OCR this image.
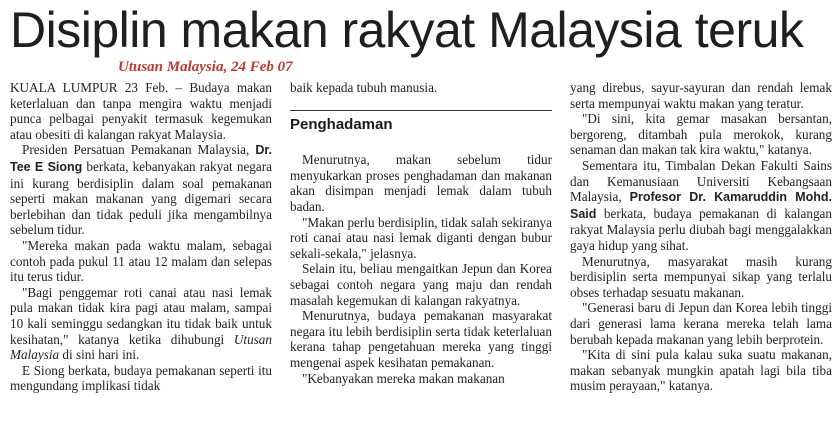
Disiplin makan rakyat Malaysia teruk
Utusan Malaysia, 24 Feb 07

KUALA LUMPUR 23 Feb. – Budaya makan keterlaluan dan tanpa mengira waktu menjadi punca pelbagai penyakit termasuk kegemukan atau obesiti di kalangan rakyat Malaysia.

Presiden Persatuan Pemakanan Malaysia, Dr. Tee E Siong berkata, kebanyakan rakyat negara ini kurang berdisiplin dalam soal pemakanan seperti makan makanan yang digemari secara berlebihan dan tidak peduli jika mengambilnya sebelum tidur.

"Mereka makan pada waktu malam, sebagai contoh pada pukul 11 atau 12 malam dan selepas itu terus tidur.

"Bagi penggemar roti canai atau nasi lemak pula makan tidak kira pagi atau malam, sampai 10 kali seminggu sedangkan itu tidak baik untuk kesihatan," katanya ketika dihubungi Utusan Malaysia di sini hari ini.

E Siong berkata, budaya pemakanan seperti itu mengundang implikasi tidak

baik kepada tubuh manusia.

Penghadaman

Menurutnya, makan sebelum tidur menyukarkan proses penghadaman dan makanan akan disimpan menjadi lemak dalam tubuh badan.

"Makan perlu berdisiplin, tidak salah sekiranya roti canai atau nasi lemak diganti dengan bubur sekali-sekala," jelasnya.

Selain itu, beliau mengaitkan Jepun dan Korea sebagai contoh negara yang maju dan rendah masalah kegemukan di kalangan rakyatnya.

Menurutnya, budaya pemakanan masyarakat negara itu lebih berdisiplin serta tidak keterlaluan kerana tahap pengetahuan mereka yang tinggi mengenai aspek kesihatan pemakanan.

"Kebanyakan mereka makan makanan

yang direbus, sayur-sayuran dan rendah lemak serta mempunyai waktu makan yang teratur.

"Di sini, kita gemar masakan bersantan, bergoreng, ditambah pula merokok, kurang senaman dan makan tak kira waktu," katanya.

Sementara itu, Timbalan Dekan Fakulti Sains dan Kemanusiaan Universiti Kebangsaan Malaysia, Profesor Dr. Kamaruddin Mohd. Said berkata, budaya pemakanan di kalangan rakyat Malaysia perlu diubah bagi menggalakkan gaya hidup yang sihat.

Menurutnya, masyarakat masih kurang berdisiplin serta mempunyai sikap yang terlalu obses terhadap sesuatu makanan.

"Generasi baru di Jepun dan Korea lebih tinggi dari generasi lama kerana mereka telah lama berubah kepada makanan yang lebih berprotein.

"Kita di sini pula kalau suka suatu makanan, makan sebanyak mungkin apatah lagi bila tiba musim perayaan," katanya.
